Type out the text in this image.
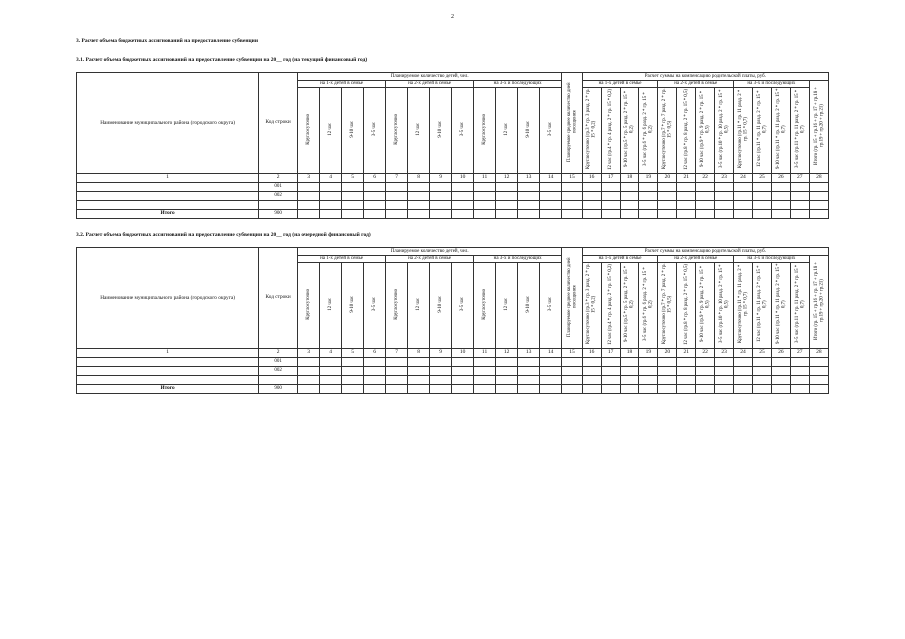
2
3. Расчет объема бюджетных ассигнований на предоставление субвенции
3.1. Расчет объема бюджетных ассигнований на предоставление субвенции на 20__ год (на текущий финансовый год)
Наименование муниципального района (городского округа)	Код строки	Планируемое количество детей, чел.												Планируемое среднее количество дней посещения	Расчет суммы на компенсацию родительской платы, руб.												
		на 1-х детей в семье				на 2-х детей в семье				на 3-х и последующих					на 1-х детей в семье				на 2-х детей в семье				на 3-х и последующих				Итого (гр. 15 + гр.16 + гр. 17 + гр.18 + гр.19 + гр.20 + гр.21)
		Круглосуточно	12 час	9-10 час	3-5 час	Круглосуточно	12 час	9-10 час	3-5 час	Круглосуточно	12 час	9-10 час	3-5 час		Круглосуточно (гр.3 * гр. 3 разд. 2 * гр. 15 * 0,2)	12 час (гр.4 * гр. 4 разд. 2 * гр. 15 * 0,2)	9-10 час (гр.5 * гр. 5 разд. 2 * гр. 15 * 0,2)	3-5 час (гр.6 * гр. 6 разд. 2 * гр. 15 * 0,2)	Круглосуточно (гр.7 * гр. 7 разд. 2 * гр. 15 * 0,5)	12 час (гр.8 * гр. 8 разд. 2 * гр. 15 * 0,5)	9-10 час (гр.9 * гр. 9 разд. 2 * гр. 15 * 0,5)	3-5 час (гр.10 * гр. 10 разд. 2 * гр. 15 * 0,5)	Круглосуточно (гр.11 * гр. 11 разд. 2 * гр. 15 * 0,7)	12 час (гр.11 * гр. 11 разд. 2 * гр. 15 * 0,7)	9-10 час (гр.11 * гр. 11 разд. 2 * гр. 15 * 0,7)	3-5 час (гр.11 * гр. 11 разд. 2 * гр. 15 * 0,7)	
1	2	3	4	5	6	7	8	9	10	11	12	13	14	15	16	17	18	19	20	21	22	23	24	25	26	27	28
	001																										
	002																										

Итого	900																										
3.2. Расчет объема бюджетных ассигнований на предоставление субвенции на 20__ год (на очередной финансовый год)
Наименование муниципального района (городского округа)	Код строки	Планируемое количество детей, чел.												Планируемое среднее количество дней посещения	Расчет суммы на компенсацию родительской платы, руб.												
		на 1-х детей в семье				на 2-х детей в семье				на 3-х и последующих					на 1-х детей в семье				на 2-х детей в семье				на 3-х и последующих				Итого (гр. 15 + гр.16 + гр. 17 + гр.18 + гр.19 + гр.20 + гр.21)
		Круглосуточно	12 час	9-10 час	3-5 час	Круглосуточно	12 час	9-10 час	3-5 час	Круглосуточно	12 час	9-10 час	3-5 час		Круглосуточно (гр.3 * гр. 3 разд. 2 * гр. 15 * 0,2)	12 час (гр.4 * гр. 4 разд. 2 * гр. 15 * 0,2)	9-10 час (гр.5 * гр. 5 разд. 2 * гр. 15 * 0,2)	3-5 час (гр.6 * гр. 6 разд. 2 * гр. 15 * 0,2)	Круглосуточно (гр.7 * гр. 7 разд. 2 * гр. 15 * 0,5)	12 час (гр.8 * гр. 8 разд. 2 * гр. 15 * 0,5)	9-10 час (гр.9 * гр. 9 разд. 2 * гр. 15 * 0,5)	3-5 час (гр.10 * гр. 10 разд. 2 * гр. 15 * 0,5)	Круглосуточно (гр.11 * гр. 11 разд. 2 * гр. 15 * 0,7)	12 час (гр.11 * гр. 11 разд. 2 * гр. 15 * 0,7)	9-10 час (гр.11 * гр. 11 разд. 2 * гр. 15 * 0,7)	3-5 час (гр.11 * гр. 11 разд. 2 * гр. 15 * 0,7)	
1	2	3	4	5	6	7	8	9	10	11	12	13	14	15	16	17	18	19	20	21	22	23	24	25	26	27	28
	001																										
	002																										

Итого	900																										
